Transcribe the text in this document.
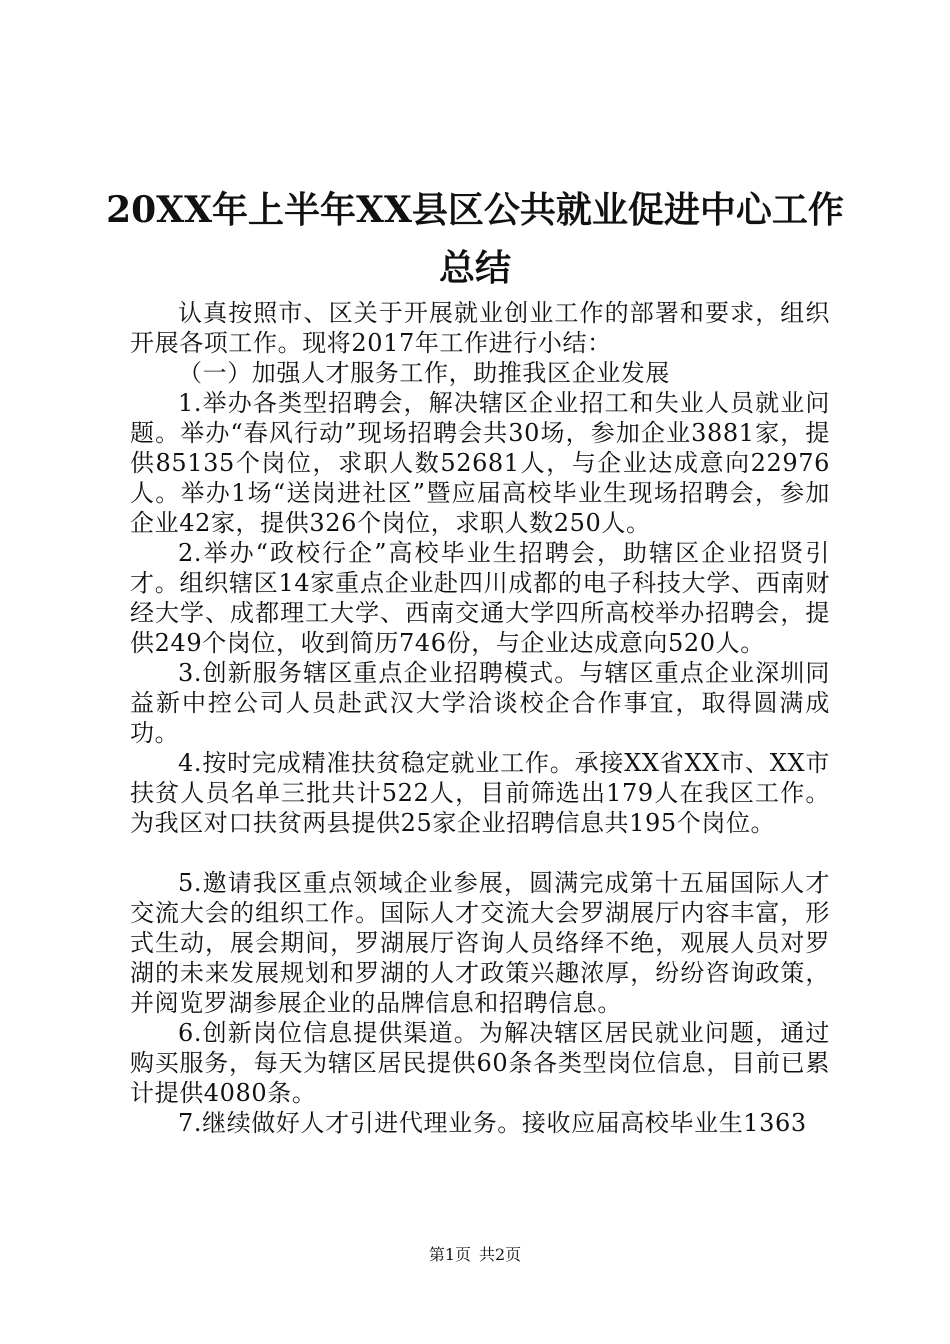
20XX年上半年XX县区公共就业促进中心工作
总结

认真按照市、区关于开展就业创业工作的部署和要求，组织开展各项工作。现将2017年工作进行小结：

（一）加强人才服务工作，助推我区企业发展

1.举办各类型招聘会，解决辖区企业招工和失业人员就业问题。举办“春风行动”现场招聘会共30场，参加企业3881家，提供85135个岗位，求职人数52681人，与企业达成意向22976人。举办1场“送岗进社区”暨应届高校毕业生现场招聘会，参加企业42家，提供326个岗位，求职人数250人。

2.举办“政校行企”高校毕业生招聘会，助辖区企业招贤引才。组织辖区14家重点企业赴四川成都的电子科技大学、西南财经大学、成都理工大学、西南交通大学四所高校举办招聘会，提供249个岗位，收到简历746份，与企业达成意向520人。

3.创新服务辖区重点企业招聘模式。与辖区重点企业深圳同益新中控公司人员赴武汉大学洽谈校企合作事宜，取得圆满成功。

4.按时完成精准扶贫稳定就业工作。承接XX省XX市、XX市扶贫人员名单三批共计522人，目前筛选出179人在我区工作。为我区对口扶贫两县提供25家企业招聘信息共195个岗位。

5.邀请我区重点领域企业参展，圆满完成第十五届国际人才交流大会的组织工作。国际人才交流大会罗湖展厅内容丰富，形式生动，展会期间，罗湖展厅咨询人员络绎不绝，观展人员对罗湖的未来发展规划和罗湖的人才政策兴趣浓厚，纷纷咨询政策，并阅览罗湖参展企业的品牌信息和招聘信息。

6.创新岗位信息提供渠道。为解决辖区居民就业问题，通过购买服务，每天为辖区居民提供60条各类型岗位信息，目前已累计提供4080条。

7.继续做好人才引进代理业务。接收应届高校毕业生1363

第1页 共2页
